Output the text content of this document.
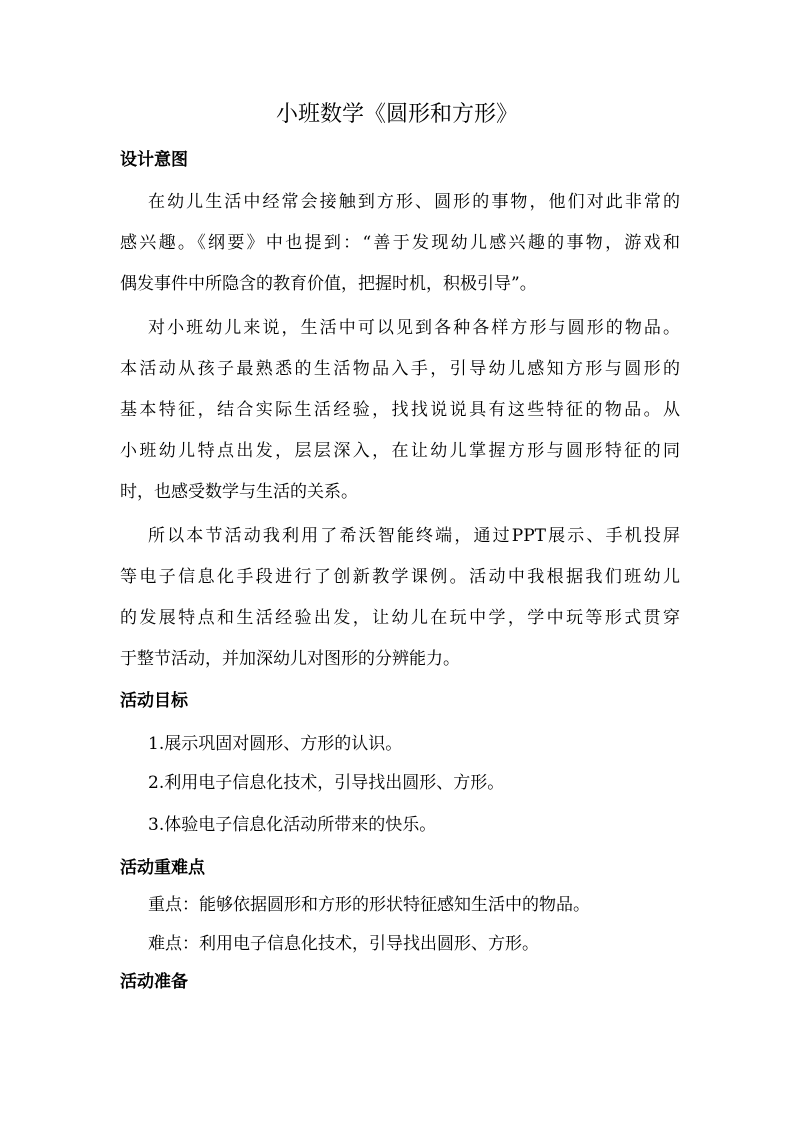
小班数学《圆形和方形》
设计意图

在幼儿生活中经常会接触到方形、圆形的事物，他们对此非常的

感兴趣。《纲要》中也提到：“善于发现幼儿感兴趣的事物，游戏和

偶发事件中所隐含的教育价值，把握时机，积极引导”。

对小班幼儿来说，生活中可以见到各种各样方形与圆形的物品。

本活动从孩子最熟悉的生活物品入手，引导幼儿感知方形与圆形的

基本特征，结合实际生活经验，找找说说具有这些特征的物品。从

小班幼儿特点出发，层层深入，在让幼儿掌握方形与圆形特征的同

时，也感受数学与生活的关系。

所以本节活动我利用了希沃智能终端，通过PPT展示、手机投屏

等电子信息化手段进行了创新教学课例。活动中我根据我们班幼儿

的发展特点和生活经验出发，让幼儿在玩中学，学中玩等形式贯穿

于整节活动，并加深幼儿对图形的分辨能力。

活动目标

1.展示巩固对圆形、方形的认识。

2.利用电子信息化技术，引导找出圆形、方形。

3.体验电子信息化活动所带来的快乐。

活动重难点

重点：能够依据圆形和方形的形状特征感知生活中的物品。

难点：利用电子信息化技术，引导找出圆形、方形。

活动准备
